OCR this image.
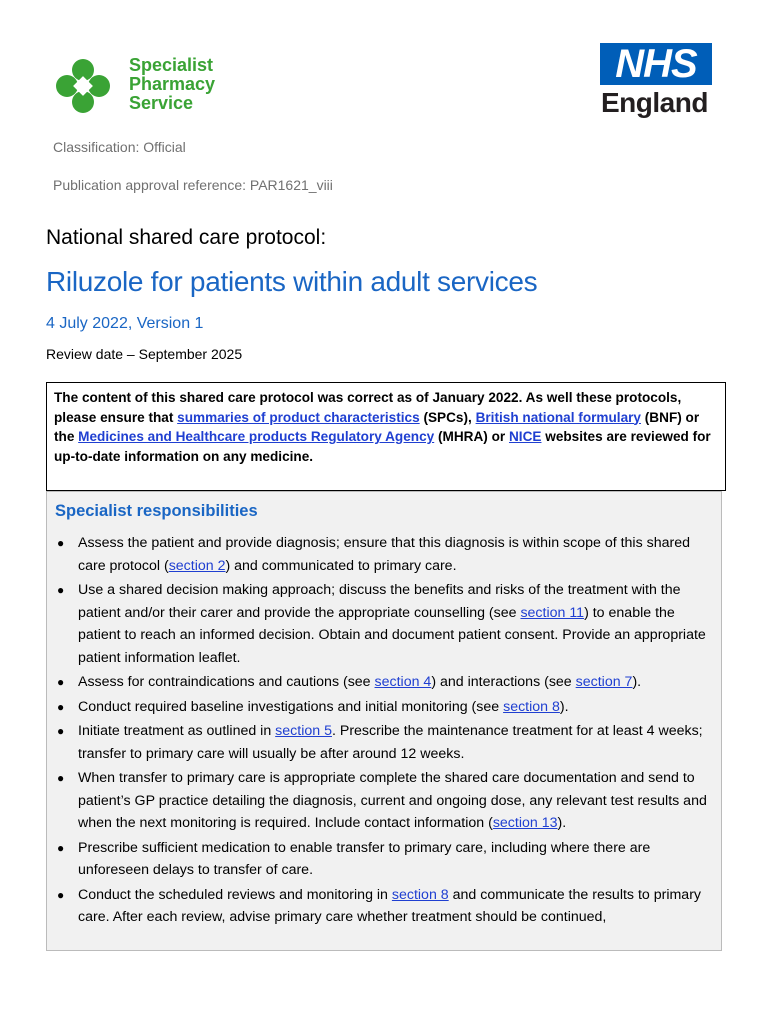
Specialist
Pharmacy
Service
NHS
England
Classification: Official
Publication approval reference: PAR1621_viii
National shared care protocol:
Riluzole for patients within adult services
4 July 2022, Version 1
Review date – September 2025
The content of this shared care protocol was correct as of January 2022. As well these protocols, please ensure that summaries of product characteristics (SPCs), British national formulary (BNF) or the Medicines and Healthcare products Regulatory Agency (MHRA) or NICE websites are reviewed for up-to-date information on any medicine.
Specialist responsibilities
● Assess the patient and provide diagnosis; ensure that this diagnosis is within scope of this shared care protocol (section 2) and communicated to primary care.
● Use a shared decision making approach; discuss the benefits and risks of the treatment with the patient and/or their carer and provide the appropriate counselling (see section 11) to enable the patient to reach an informed decision. Obtain and document patient consent. Provide an appropriate patient information leaflet.
● Assess for contraindications and cautions (see section 4) and interactions (see section 7).
● Conduct required baseline investigations and initial monitoring (see section 8).
● Initiate treatment as outlined in section 5. Prescribe the maintenance treatment for at least 4 weeks; transfer to primary care will usually be after around 12 weeks.
● When transfer to primary care is appropriate complete the shared care documentation and send to patient’s GP practice detailing the diagnosis, current and ongoing dose, any relevant test results and when the next monitoring is required. Include contact information (section 13).
● Prescribe sufficient medication to enable transfer to primary care, including where there are unforeseen delays to transfer of care.
● Conduct the scheduled reviews and monitoring in section 8 and communicate the results to primary care. After each review, advise primary care whether treatment should be continued,
